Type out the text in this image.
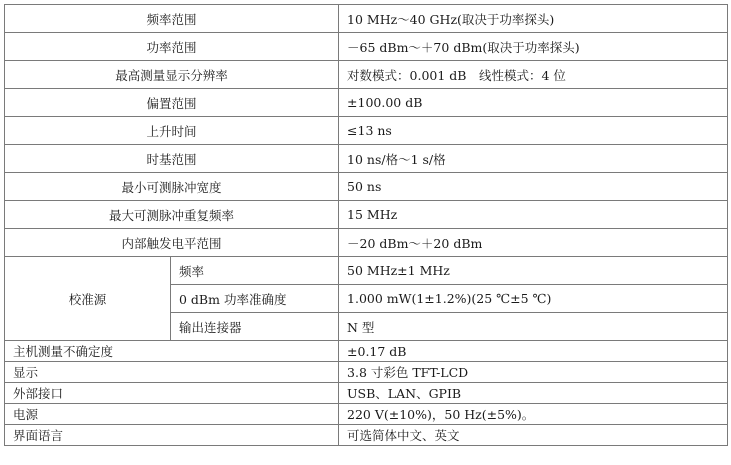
频率范围		10 MHz～40 GHz(取决于功率探头)
功率范围		－65 dBm～＋70 dBm(取决于功率探头)
最高测量显示分辨率		对数模式：0.001 dB　线性模式：4 位
偏置范围		±100.00 dB
上升时间		≤13 ns
时基范围		10 ns/格～1 s/格
最小可测脉冲宽度		50 ns
最大可测脉冲重复频率		15 MHz
内部触发电平范围		－20 dBm～＋20 dBm
校准源	频率	50 MHz±1 MHz
	0 dBm 功率准确度	1.000 mW(1±1.2%)(25 ℃±5 ℃)
	输出连接器	N 型
主机测量不确定度		±0.17 dB
显示		3.8 寸彩色 TFT-LCD
外部接口		USB、LAN、GPIB
电源		220 V(±10%)，50 Hz(±5%)。
界面语言		可选简体中文、英文
